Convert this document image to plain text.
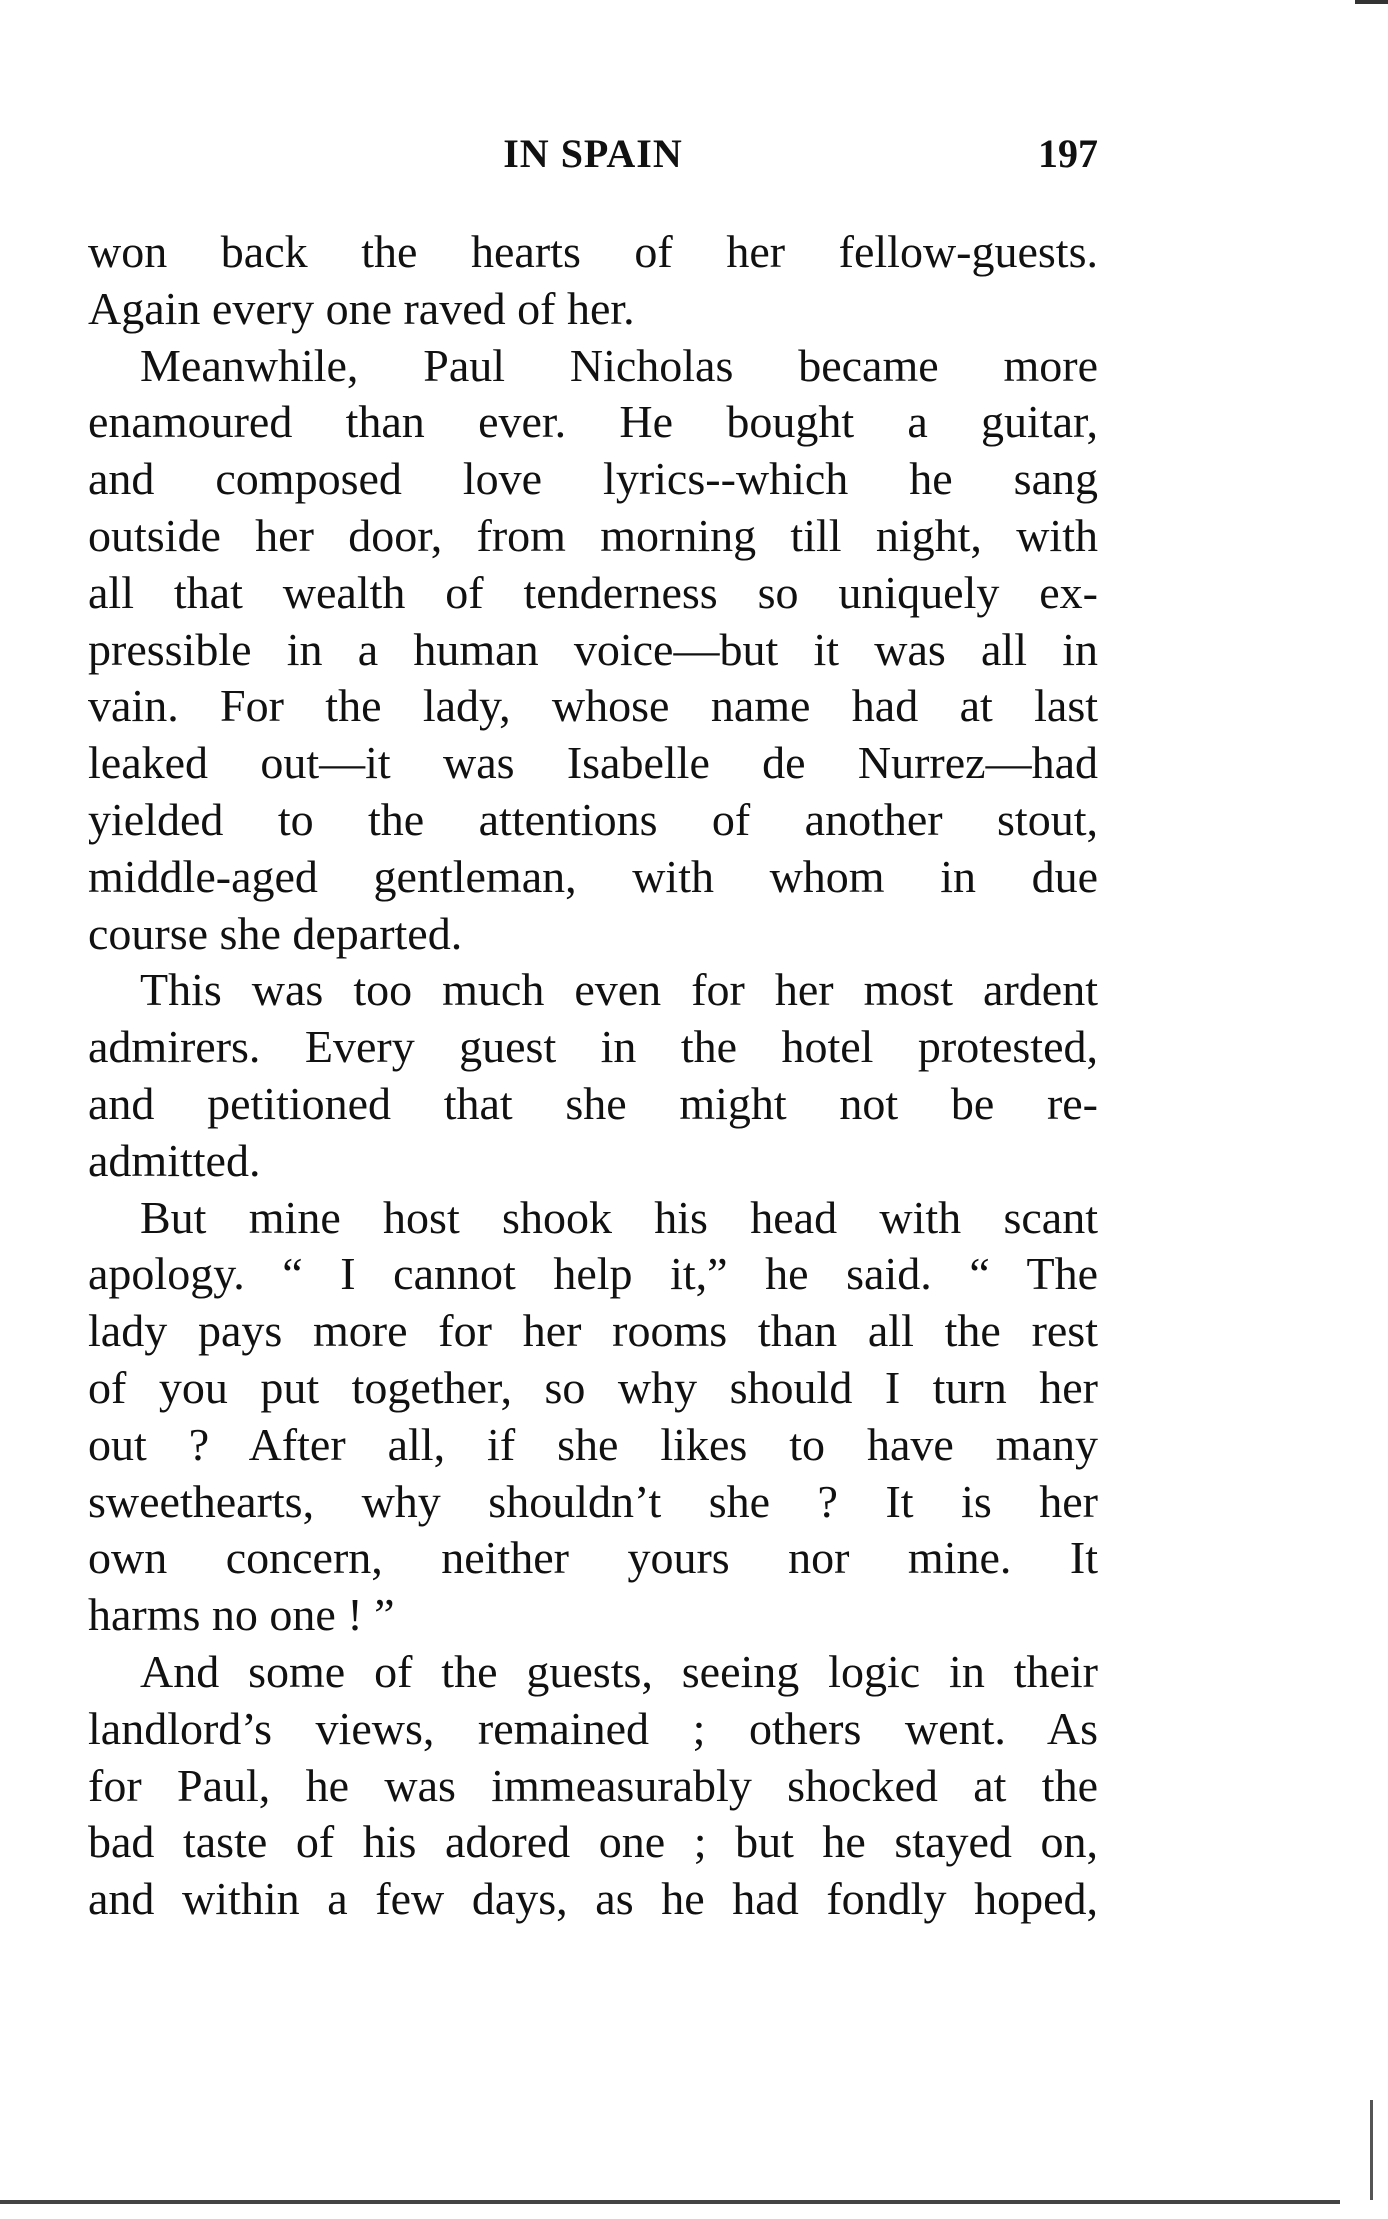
IN SPAIN	197
won back the hearts of her fellow-guests.
Again every one raved of her.
Meanwhile, Paul Nicholas became more
enamoured than ever. He bought a guitar,
and composed love lyrics--which he sang
outside her door, from morning till night, with
all that wealth of tenderness so uniquely ex-
pressible in a human voice—but it was all in
vain. For the lady, whose name had at last
leaked out—it was Isabelle de Nurrez—had
yielded to the attentions of another stout,
middle-aged gentleman, with whom in due
course she departed.
This was too much even for her most ardent
admirers. Every guest in the hotel protested,
and petitioned that she might not be re-
admitted.
But mine host shook his head with scant
apology. “ I cannot help it,” he said. “ The
lady pays more for her rooms than all the rest
of you put together, so why should I turn her
out ? After all, if she likes to have many
sweethearts, why shouldn’t she ? It is her
own concern, neither yours nor mine. It
harms no one ! ”
And some of the guests, seeing logic in their
landlord’s views, remained ; others went. As
for Paul, he was immeasurably shocked at the
bad taste of his adored one ; but he stayed on,
and within a few days, as he had fondly hoped,
